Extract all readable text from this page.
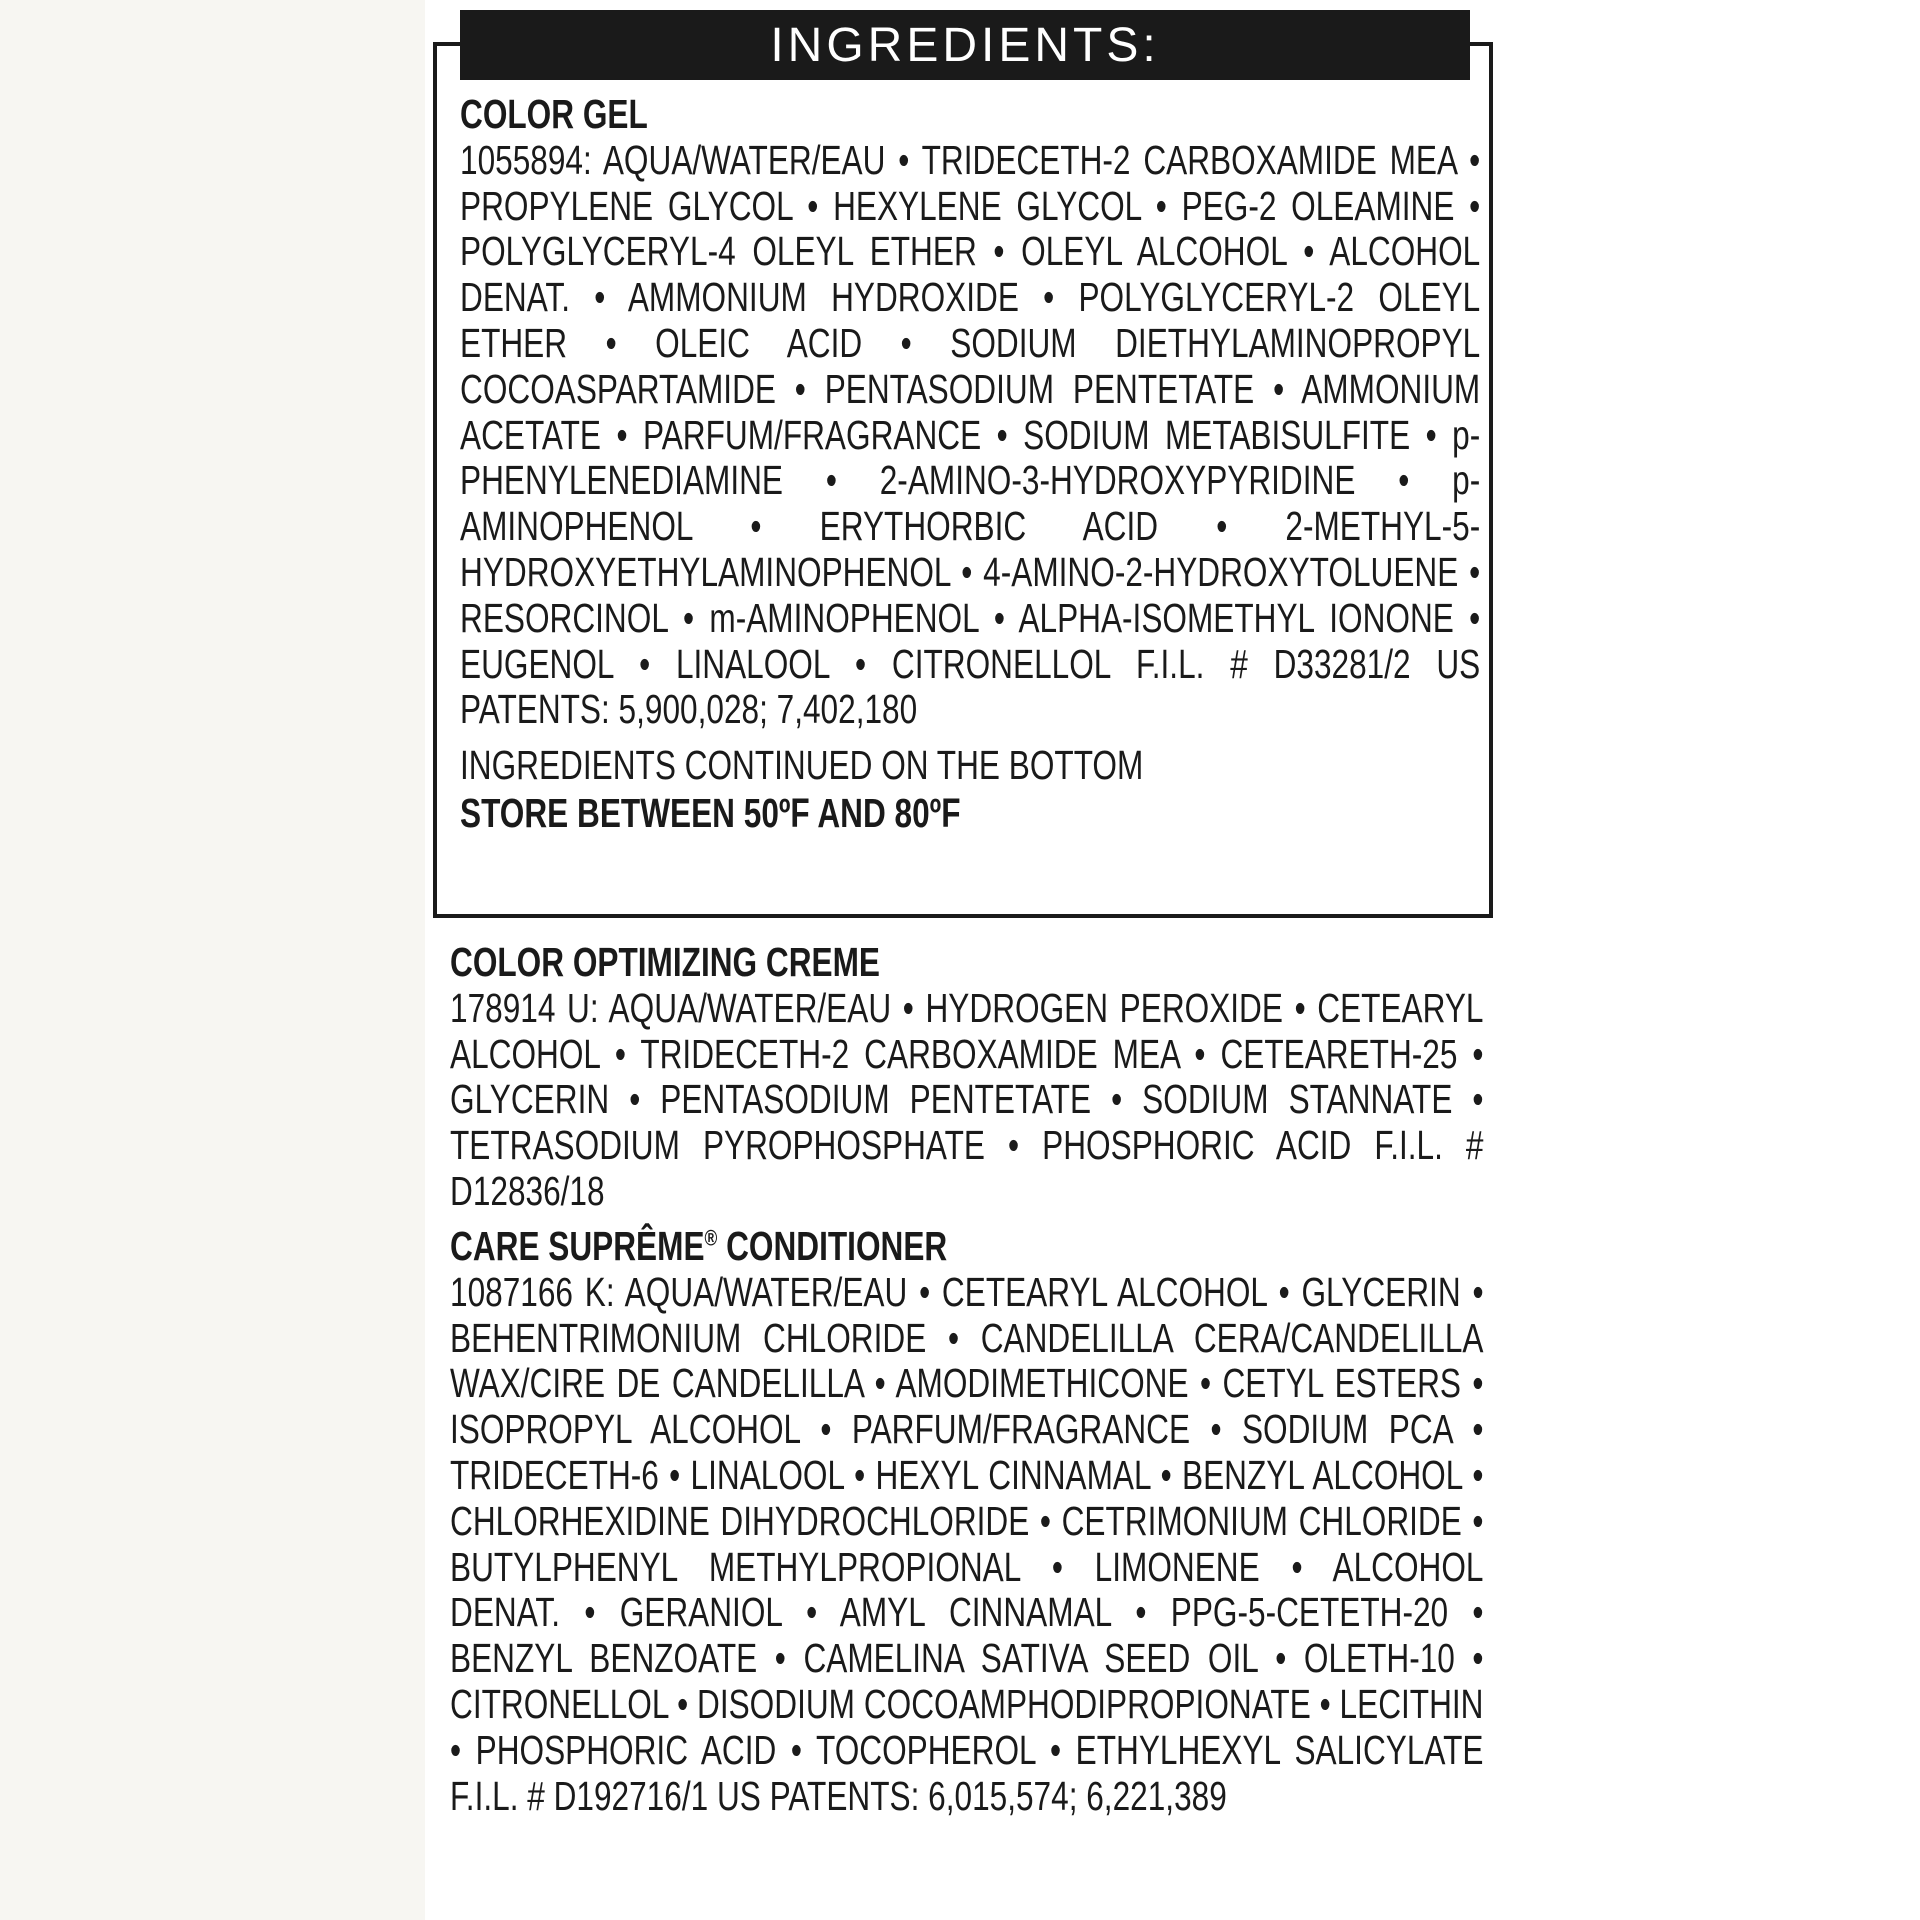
INGREDIENTS:
COLOR GEL
1055894: AQUA/WATER/EAU • TRIDECETH-2 CARBOXAMIDE MEA • PROPYLENE GLYCOL • HEXYLENE GLYCOL • PEG-2 OLEAMINE • POLYGLYCERYL-4 OLEYL ETHER • OLEYL ALCOHOL • ALCOHOL DENAT. • AMMONIUM HYDROXIDE • POLYGLYCERYL-2 OLEYL ETHER • OLEIC ACID • SODIUM DIETHYLAMINOPROPYL COCOASPARTAMIDE • PENTASODIUM PENTETATE • AMMONIUM ACETATE • PARFUM/FRAGRANCE • SODIUM METABISULFITE • p-PHENYLENEDIAMINE • 2-AMINO-3-HYDROXYPYRIDINE • p-AMINOPHENOL • ERYTHORBIC ACID • 2-METHYL-5-HYDROXYETHYLAMINOPHENOL • 4-AMINO-2-HYDROXYTOLUENE • RESORCINOL • m-AMINOPHENOL • ALPHA-ISOMETHYL IONONE • EUGENOL • LINALOOL • CITRONELLOL F.I.L. # D33281/2 US PATENTS: 5,900,028; 7,402,180
INGREDIENTS CONTINUED ON THE BOTTOM
STORE BETWEEN 50ºF AND 80ºF
COLOR OPTIMIZING CREME
178914 U: AQUA/WATER/EAU • HYDROGEN PEROXIDE • CETEARYL ALCOHOL • TRIDECETH-2 CARBOXAMIDE MEA • CETEARETH-25 • GLYCERIN • PENTASODIUM PENTETATE • SODIUM STANNATE • TETRASODIUM PYROPHOSPHATE • PHOSPHORIC ACID F.I.L. # D12836/18
CARE SUPRÊME® CONDITIONER
1087166 K: AQUA/WATER/EAU • CETEARYL ALCOHOL • GLYCERIN • BEHENTRIMONIUM CHLORIDE • CANDELILLA CERA/CANDELILLA WAX/CIRE DE CANDELILLA • AMODIMETHICONE • CETYL ESTERS • ISOPROPYL ALCOHOL • PARFUM/FRAGRANCE • SODIUM PCA • TRIDECETH-6 • LINALOOL • HEXYL CINNAMAL • BENZYL ALCOHOL • CHLORHEXIDINE DIHYDROCHLORIDE • CETRIMONIUM CHLORIDE • BUTYLPHENYL METHYLPROPIONAL • LIMONENE • ALCOHOL DENAT. • GERANIOL • AMYL CINNAMAL • PPG-5-CETETH-20 • BENZYL BENZOATE • CAMELINA SATIVA SEED OIL • OLETH-10 • CITRONELLOL • DISODIUM COCOAMPHODIPROPIONATE • LECITHIN • PHOSPHORIC ACID • TOCOPHEROL • ETHYLHEXYL SALICYLATE F.I.L. # D192716/1 US PATENTS: 6,015,574; 6,221,389
